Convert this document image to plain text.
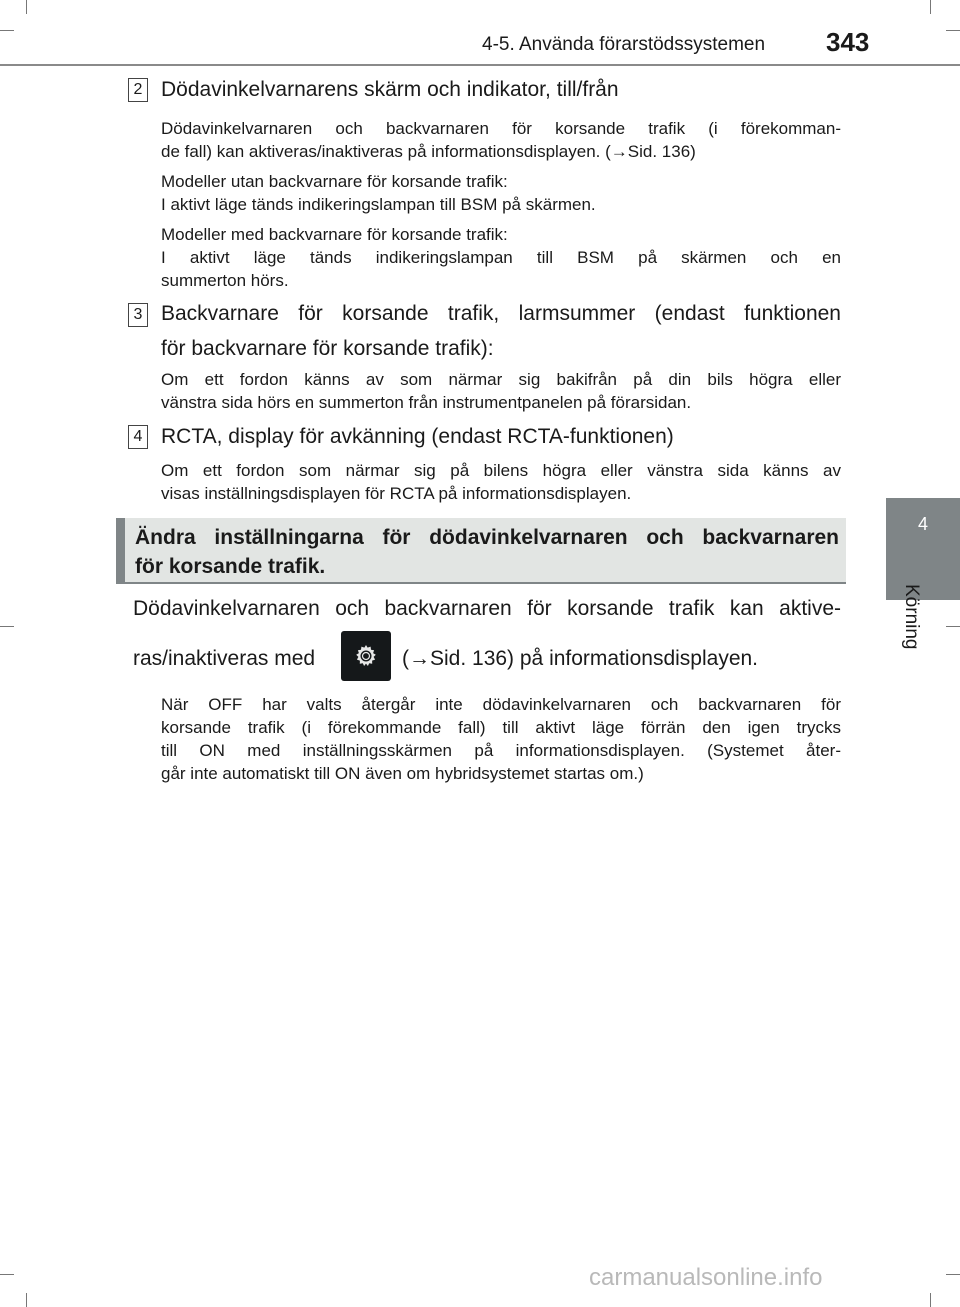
4-5. Använda förarstödssystemen 343
4
Körning
2 Dödavinkelvarnarens skärm och indikator, till/från
Dödavinkelvarnaren och backvarnaren för korsande trafik (i förekomman-
de fall) kan aktiveras/inaktiveras på informationsdisplayen. (→Sid. 136)
Modeller utan backvarnare för korsande trafik:
I aktivt läge tänds indikeringslampan till BSM på skärmen.
Modeller med backvarnare för korsande trafik:
I aktivt läge tänds indikeringslampan till BSM på skärmen och en
summerton hörs.
3 Backvarnare för korsande trafik, larmsummer (endast funktionen
för backvarnare för korsande trafik):
Om ett fordon känns av som närmar sig bakifrån på din bils högra eller
vänstra sida hörs en summerton från instrumentpanelen på förarsidan.
4 RCTA, display för avkänning (endast RCTA-funktionen)
Om ett fordon som närmar sig på bilens högra eller vänstra sida känns av
visas inställningsdisplayen för RCTA på informationsdisplayen.
Ändra inställningarna för dödavinkelvarnaren och backvarnaren
för korsande trafik.
Dödavinkelvarnaren och backvarnaren för korsande trafik kan aktive-
ras/inaktiveras med	(→Sid. 136) på informationsdisplayen.
När OFF har valts återgår inte dödavinkelvarnaren och backvarnaren för
korsande trafik (i förekommande fall) till aktivt läge förrän den igen trycks
till ON med inställningsskärmen på informationsdisplayen. (Systemet åter-
går inte automatiskt till ON även om hybridsystemet startas om.)
carmanualsonline.info
